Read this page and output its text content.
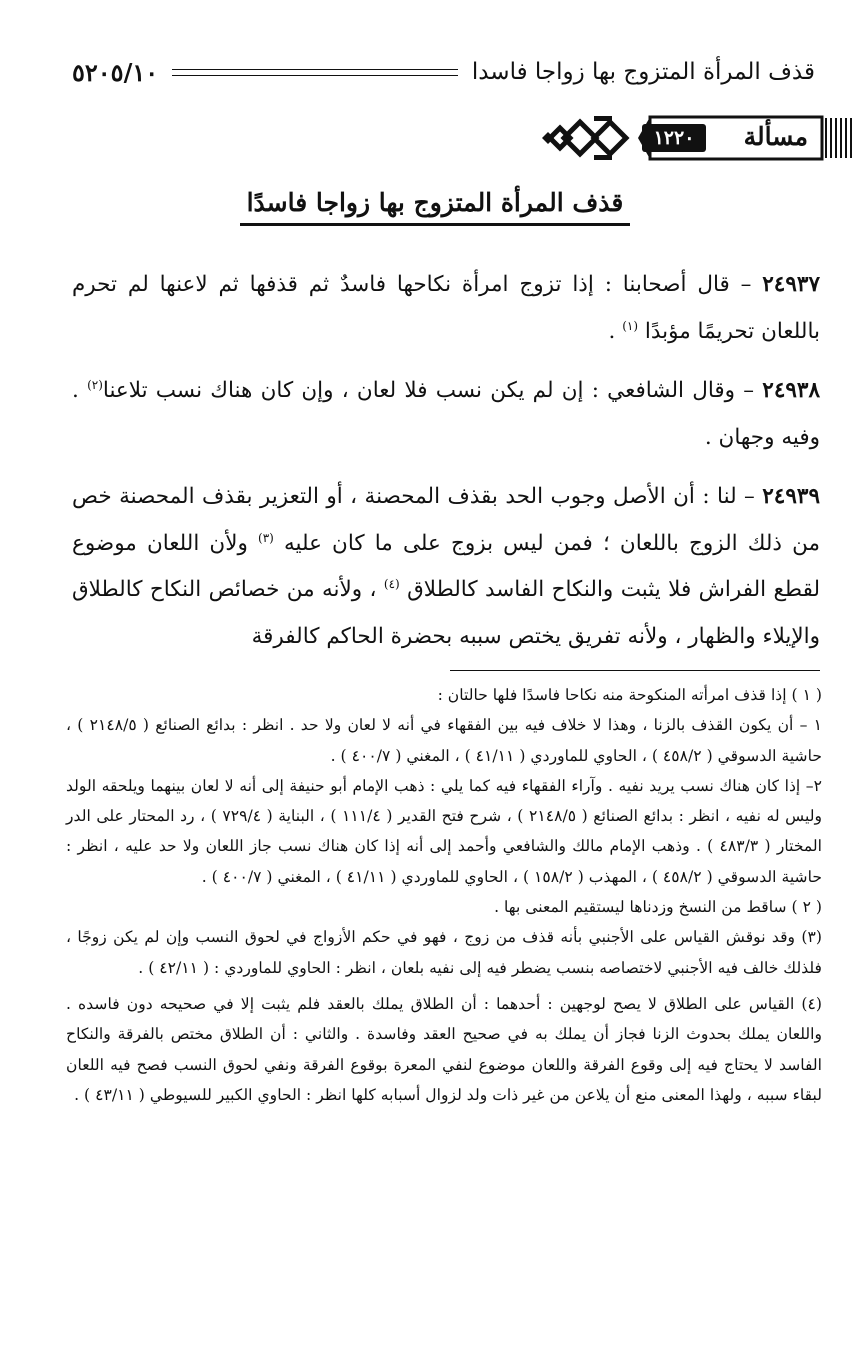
قذف المرأة المتزوج بها زواجا فاسدا
٥٢٠٥/١٠
مسألة
١٢٢٠
قذف المرأة المتزوج بها زواجا فاسدًا

٢٤٩٣٧ – قال أصحابنا : إذا تزوج امرأة نكاحها فاسدٌ ثم قذفها ثم لاعنها لم تحرم باللعان تحريمًا مؤبدًا $^{(١)}$ .

٢٤٩٣٨ – وقال الشافعي : إن لم يكن نسب فلا لعان ، وإن كان هناك نسب تلاعنا$^{(٢)}$ . وفيه وجهان .

٢٤٩٣٩ – لنا : أن الأصل وجوب الحد بقذف المحصنة ، أو التعزير بقذف المحصنة خص من ذلك الزوج باللعان ؛ فمن ليس بزوج على ما كان عليه $^{(٣)}$ ولأن اللعان موضوع لقطع الفراش فلا يثبت والنكاح الفاسد كالطلاق $^{(٤)}$ ، ولأنه من خصائص النكاح كالطلاق والإيلاء والظهار ، ولأنه تفريق يختص سببه بحضرة الحاكم كالفرقة

( ١ ) إذا قذف امرأته المنكوحة منه نكاحا فاسدًا فلها حالتان :

١ – أن يكون القذف بالزنا ، وهذا لا خلاف فيه بين الفقهاء في أنه لا لعان ولا حد . انظر : بدائع الصنائع ( ٢١٤٨/٥ ) ، حاشية الدسوقي ( ٤٥٨/٢ ) ، الحاوي للماوردي ( ٤١/١١ ) ، المغني ( ٤٠٠/٧ ) .

٢– إذا كان هناك نسب يريد نفيه . وآراء الفقهاء فيه كما يلي : ذهب الإمام أبو حنيفة إلى أنه لا لعان بينهما ويلحقه الولد وليس له نفيه ، انظر : بدائع الصنائع ( ٢١٤٨/٥ ) ، شرح فتح القدير ( ١١١/٤ ) ، البناية ( ٧٢٩/٤ ) ، رد المحتار على الدر المختار ( ٤٨٣/٣ ) . وذهب الإمام مالك والشافعي وأحمد إلى أنه إذا كان هناك نسب جاز اللعان ولا حد عليه ، انظر : حاشية الدسوقي ( ٤٥٨/٢ ) ، المهذب ( ١٥٨/٢ ) ، الحاوي للماوردي ( ٤١/١١ ) ، المغني ( ٤٠٠/٧ ) .

( ٢ ) ساقط من النسخ وزدناها ليستقيم المعنى بها .

(٣) وقد نوقش القياس على الأجنبي بأنه قذف من زوج ، فهو في حكم الأزواج في لحوق النسب وإن لم يكن زوجًا ، فلذلك خالف فيه الأجنبي لاختصاصه بنسب يضطر فيه إلى نفيه بلعان ، انظر : الحاوي للماوردي : ( ٤٢/١١ ) .

(٤) القياس على الطلاق لا يصح لوجهين : أحدهما : أن الطلاق يملك بالعقد فلم يثبت إلا في صحيحه دون فاسده . واللعان يملك بحدوث الزنا فجاز أن يملك به في صحيح العقد وفاسدة . والثاني : أن الطلاق مختص بالفرقة والنكاح الفاسد لا يحتاج فيه إلى وقوع الفرقة واللعان موضوع لنفي المعرة بوقوع الفرقة ونفي لحوق النسب فصح فيه اللعان لبقاء سببه ، ولهذا المعنى منع أن يلاعن من غير ذات ولد لزوال أسبابه كلها انظر : الحاوي الكبير للسيوطي ( ٤٣/١١ ) .
